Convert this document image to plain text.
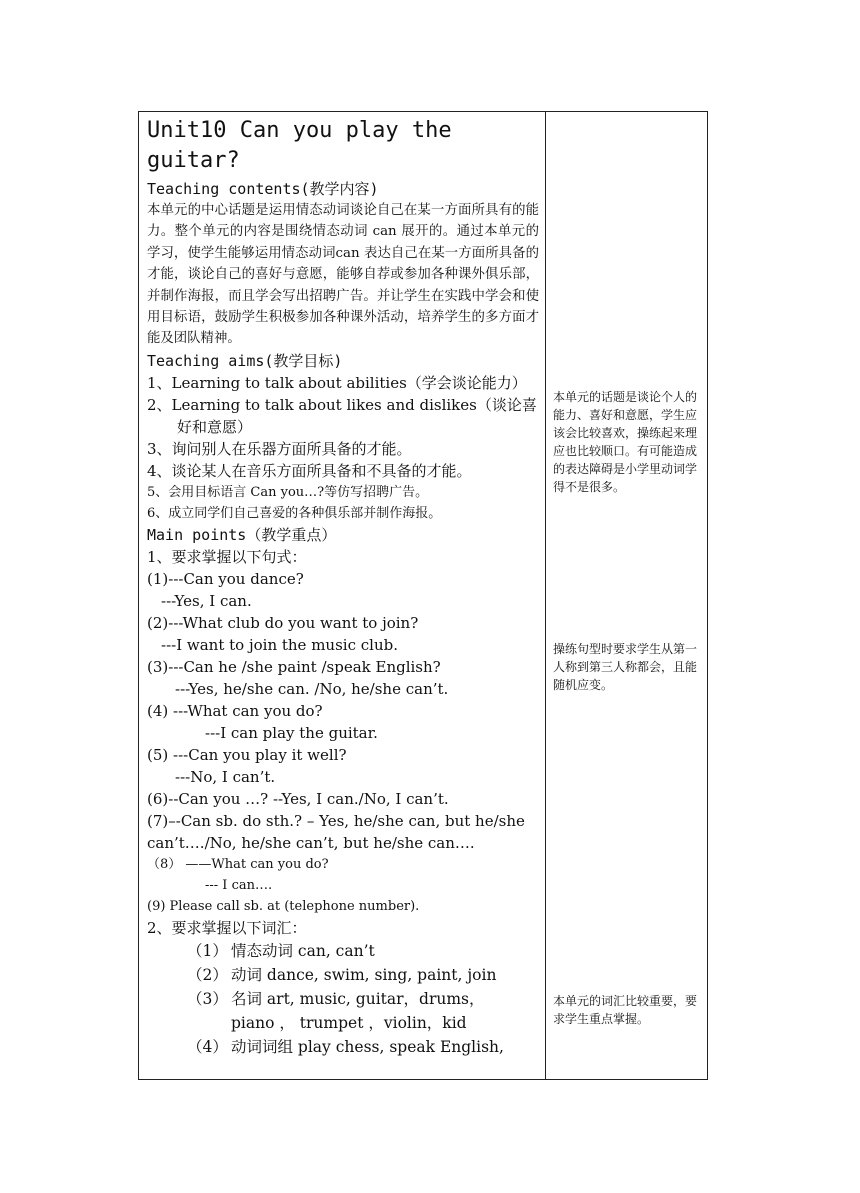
Unit10 Can you play the guitar?
Teaching contents(教学内容)
本单元的中心话题是运用情态动词谈论自己在某一方面所具有的能力。整个单元的内容是围绕情态动词 can 展开的。通过本单元的学习，使学生能够运用情态动词can 表达自己在某一方面所具备的才能，谈论自己的喜好与意愿，能够自荐或参加各种课外俱乐部，并制作海报，而且学会写出招聘广告。并让学生在实践中学会和使用目标语，鼓励学生积极参加各种课外活动，培养学生的多方面才能及团队精神。
Teaching aims(教学目标)
1、Learning to talk about abilities（学会谈论能力）
2、Learning to talk about likes and dislikes（谈论喜好和意愿）
3、询问别人在乐器方面所具备的才能。
4、谈论某人在音乐方面所具备和不具备的才能。
5、会用目标语言 Can you…?等仿写招聘广告。
6、成立同学们自己喜爱的各种俱乐部并制作海报。
Main points（教学重点）
1、要求掌握以下句式：
(1)---Can you dance?
---Yes, I can.
(2)---What club do you want to join?
---I want to join the music club.
(3)---Can he /she paint /speak English?
---Yes, he/she can. /No, he/she can’t.
(4) ---What can you do?
---I can play the guitar.
(5) ---Can you play it well?
---No, I can’t.
(6)--Can you …? --Yes, I can./No, I can’t.
(7)–-Can sb. do sth.? – Yes, he/she can, but he/she can’t…./No, he/she can’t, but he/she can….
（8） ——What can you do?
--- I can….
(9) Please call sb. at (telephone number).
2、要求掌握以下词汇：
（1） 情态动词 can, can’t
（2） 动词 dance, swim, sing, paint, join
（3） 名词 art, music, guitar，drums，
piano ， trumpet ，violin，kid
（4） 动词词组 play chess, speak English,
本单元的话题是谈论个人的能力、喜好和意愿，学生应该会比较喜欢，操练起来理应也比较顺口。有可能造成的表达障碍是小学里动词学得不是很多。
操练句型时要求学生从第一人称到第三人称都会，且能随机应变。
本单元的词汇比较重要，要求学生重点掌握。
